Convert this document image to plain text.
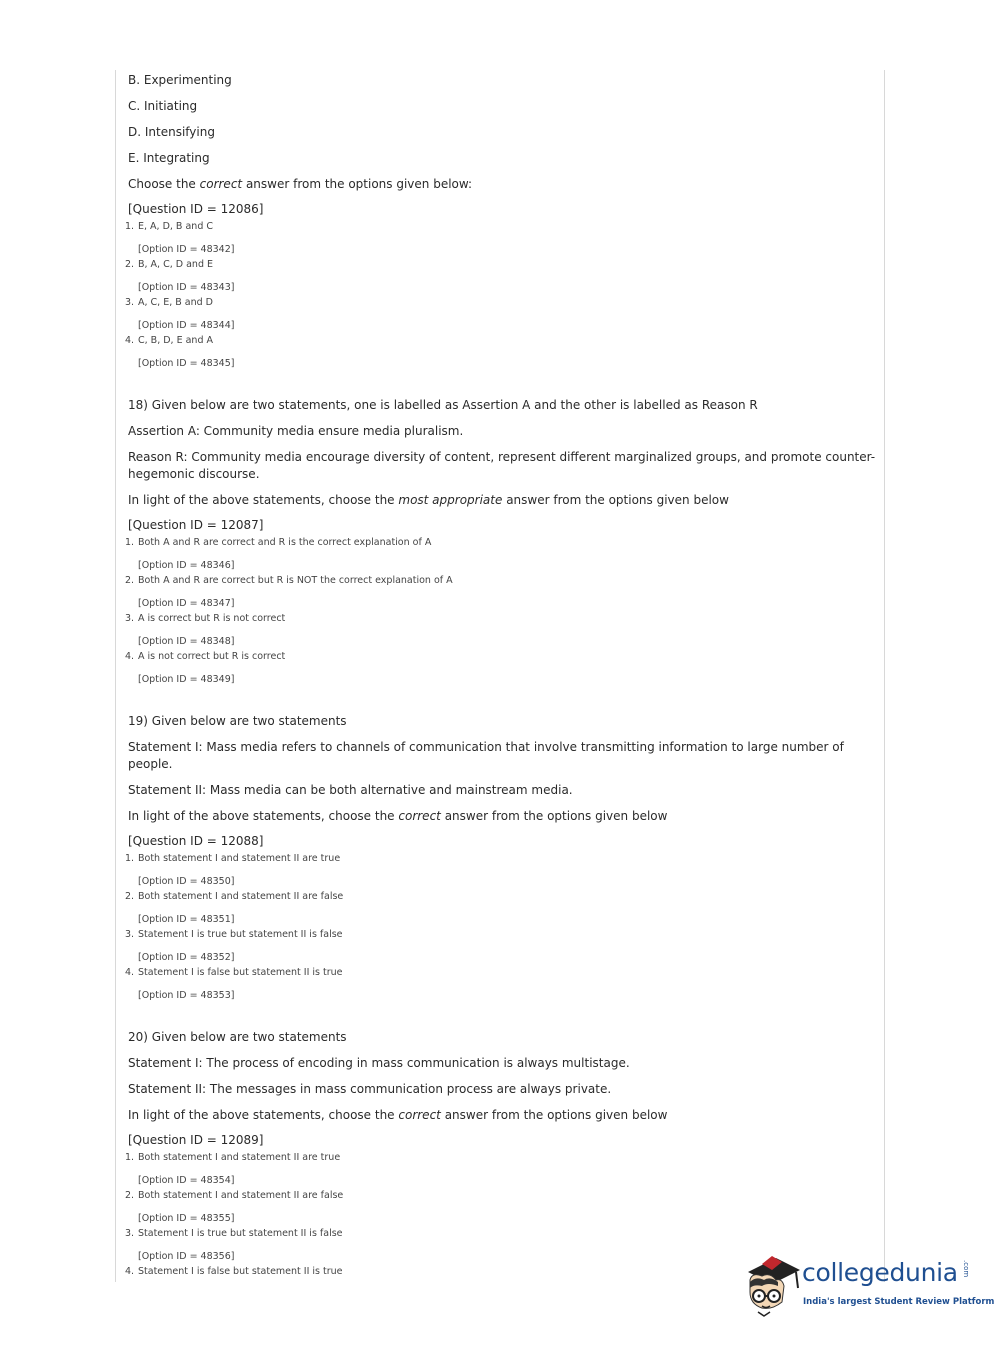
B. Experimenting

C. Initiating

D. Intensifying

E. Integrating

Choose the correct answer from the options given below:

[Question ID = 12086]

1. E, A, D, B and C
[Option ID = 48342]
2. B, A, C, D and E
[Option ID = 48343]
3. A, C, E, B and D
[Option ID = 48344]
4. C, B, D, E and A
[Option ID = 48345]

18) Given below are two statements, one is labelled as Assertion A and the other is labelled as Reason R

Assertion A: Community media ensure media pluralism.

Reason R: Community media encourage diversity of content, represent different marginalized groups, and promote counter-hegemonic discourse.

In light of the above statements, choose the most appropriate answer from the options given below

[Question ID = 12087]

1. Both A and R are correct and R is the correct explanation of A
[Option ID = 48346]
2. Both A and R are correct but R is NOT the correct explanation of A
[Option ID = 48347]
3. A is correct but R is not correct
[Option ID = 48348]
4. A is not correct but R is correct
[Option ID = 48349]

19) Given below are two statements

Statement I: Mass media refers to channels of communication that involve transmitting information to large number of people.

Statement II: Mass media can be both alternative and mainstream media.

In light of the above statements, choose the correct answer from the options given below

[Question ID = 12088]

1. Both statement I and statement II are true
[Option ID = 48350]
2. Both statement I and statement II are false
[Option ID = 48351]
3. Statement I is true but statement II is false
[Option ID = 48352]
4. Statement I is false but statement II is true
[Option ID = 48353]

20) Given below are two statements

Statement I: The process of encoding in mass communication is always multistage.

Statement II: The messages in mass communication process are always private.

In light of the above statements, choose the correct answer from the options given below

[Question ID = 12089]

1. Both statement I and statement II are true
[Option ID = 48354]
2. Both statement I and statement II are false
[Option ID = 48355]
3. Statement I is true but statement II is false
[Option ID = 48356]
4. Statement I is false but statement II is true	collegedunia .com
India's largest Student Review Platform
